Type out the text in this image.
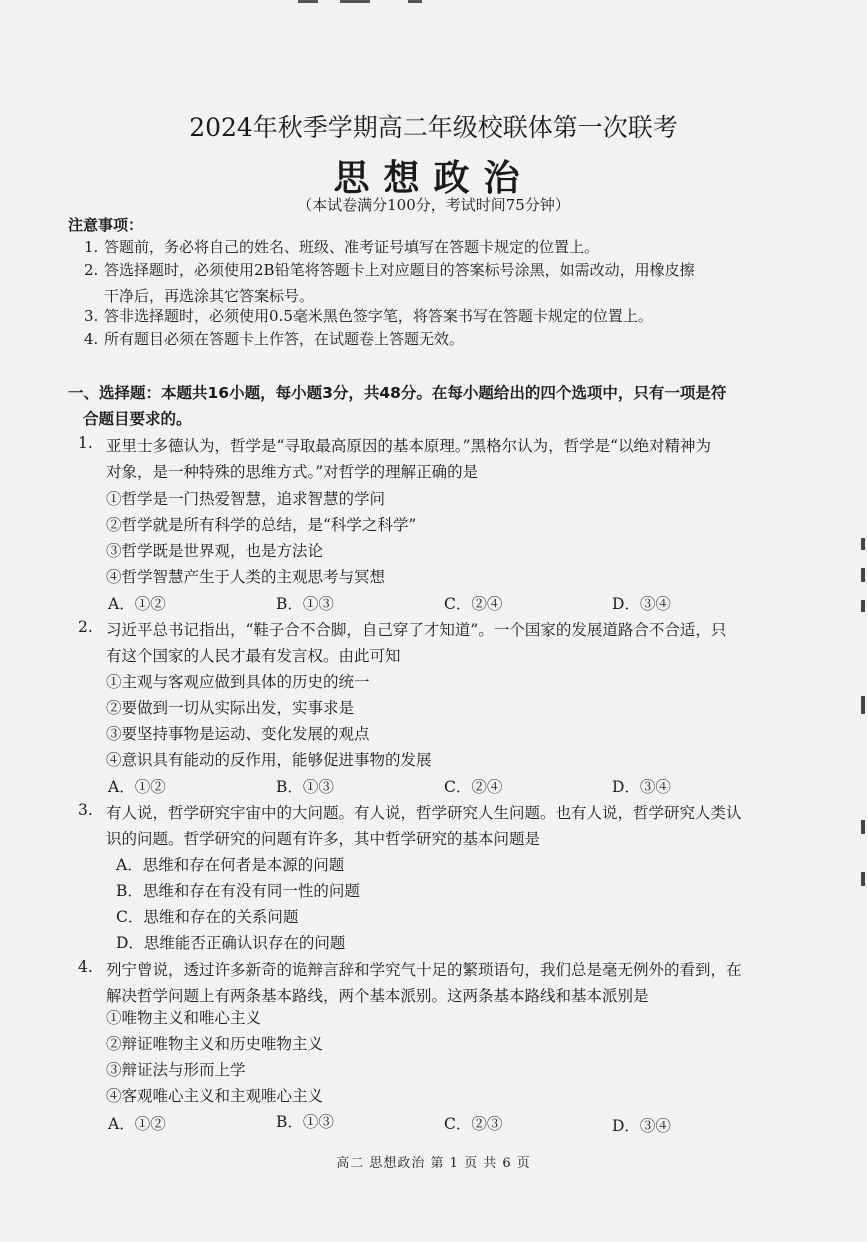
2024年秋季学期高二年级校联体第一次联考
思想政治
（本试卷满分100分，考试时间75分钟）
注意事项：
1. 答题前，务必将自己的姓名、班级、准考证号填写在答题卡规定的位置上。
2. 答选择题时，必须使用2B铅笔将答题卡上对应题目的答案标号涂黑，如需改动，用橡皮擦
干净后，再选涂其它答案标号。
3. 答非选择题时，必须使用0.5毫米黑色签字笔，将答案书写在答题卡规定的位置上。
4. 所有题目必须在答题卡上作答，在试题卷上答题无效。
一、选择题：本题共16小题，每小题3分，共48分。在每小题给出的四个选项中，只有一项是符
合题目要求的。
1. 亚里士多德认为，哲学是“寻取最高原因的基本原理。”黑格尔认为，哲学是“以绝对精神为
对象，是一种特殊的思维方式。”对哲学的理解正确的是
①哲学是一门热爱智慧，追求智慧的学问
②哲学就是所有科学的总结，是“科学之科学”
③哲学既是世界观，也是方法论
④哲学智慧产生于人类的主观思考与冥想
A．①②	B．①③	C．②④	D．③④
2. 习近平总书记指出，“鞋子合不合脚，自己穿了才知道”。一个国家的发展道路合不合适，只
有这个国家的人民才最有发言权。由此可知
①主观与客观应做到具体的历史的统一
②要做到一切从实际出发，实事求是
③要坚持事物是运动、变化发展的观点
④意识具有能动的反作用，能够促进事物的发展
A．①②	B．①③	C．②④	D．③④
3. 有人说，哲学研究宇宙中的大问题。有人说，哲学研究人生问题。也有人说，哲学研究人类认
识的问题。哲学研究的问题有许多，其中哲学研究的基本问题是
A．思维和存在何者是本源的问题
B．思维和存在有没有同一性的问题
C．思维和存在的关系问题
D．思维能否正确认识存在的问题
4. 列宁曾说，透过许多新奇的诡辩言辞和学究气十足的繁琐语句，我们总是毫无例外的看到，在
解决哲学问题上有两条基本路线，两个基本派别。这两条基本路线和基本派别是
①唯物主义和唯心主义
②辩证唯物主义和历史唯物主义
③辩证法与形而上学
④客观唯心主义和主观唯心主义
A．①②	B．①③	C．②③	D．③④
高二 思想政治 第 1 页 共 6 页
